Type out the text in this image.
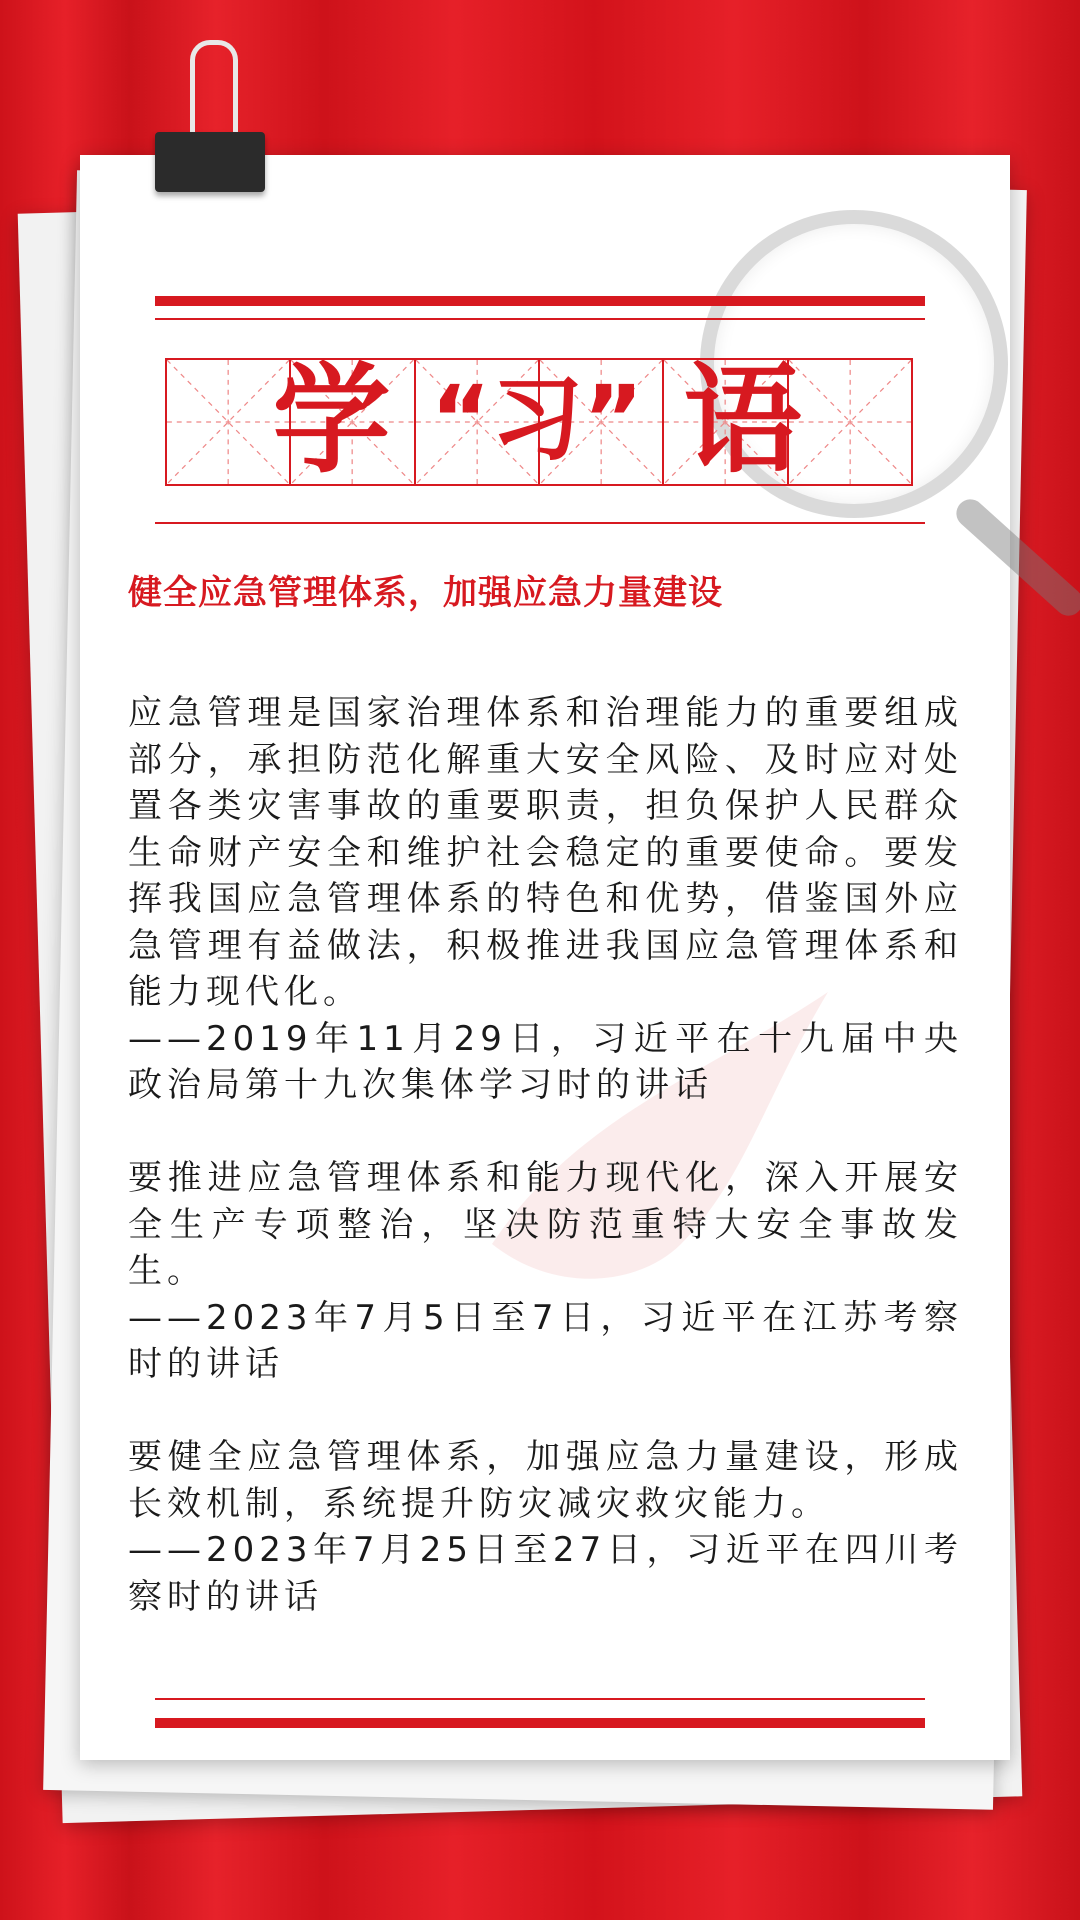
学 “习” 语
健全应急管理体系，加强应急力量建设

应急管理是国家治理体系和治理能力的重要组成部分，承担防范化解重大安全风险、及时应对处置各类灾害事故的重要职责，担负保护人民群众生命财产安全和维护社会稳定的重要使命。要发挥我国应急管理体系的特色和优势，借鉴国外应急管理有益做法，积极推进我国应急管理体系和能力现代化。
——2019年11月29日，习近平在十九届中央政治局第十九次集体学习时的讲话

要推进应急管理体系和能力现代化，深入开展安全生产专项整治，坚决防范重特大安全事故发生。
——2023年7月5日至7日，习近平在江苏考察时的讲话

要健全应急管理体系，加强应急力量建设，形成长效机制，系统提升防灾减灾救灾能力。
——2023年7月25日至27日，习近平在四川考察时的讲话
